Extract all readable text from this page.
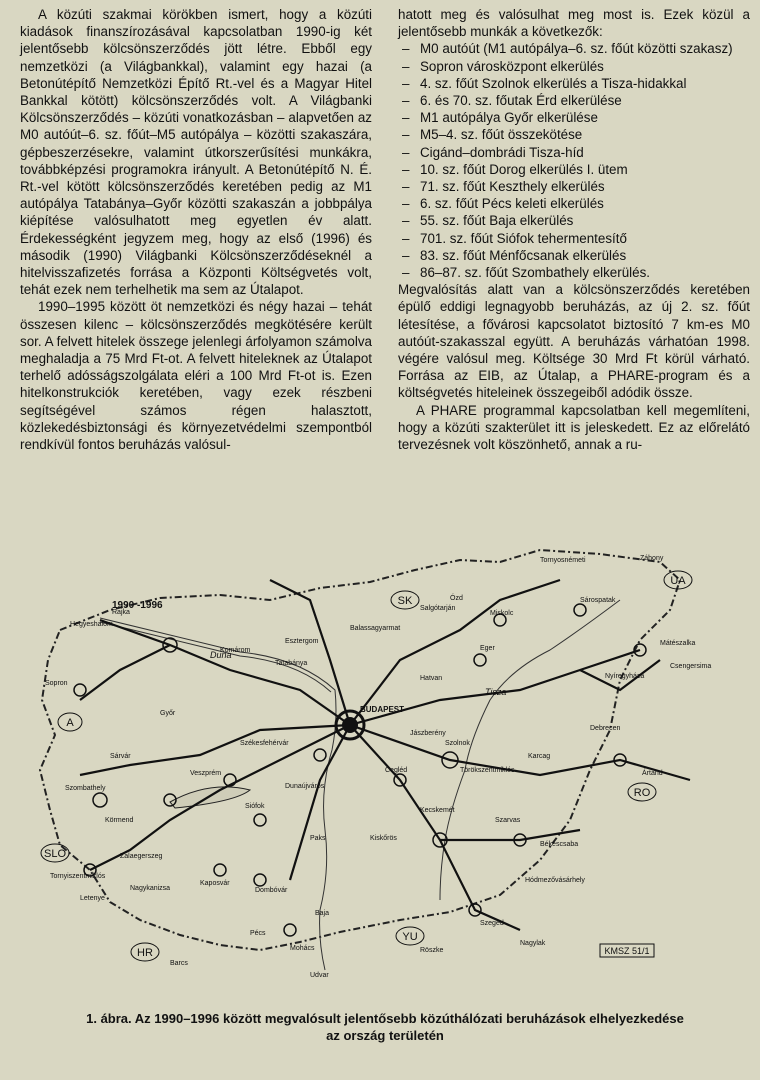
A közúti szakmai körökben ismert, hogy a közúti kiadások finanszírozásával kapcsolatban 1990-ig két jelentősebb kölcsönszerződés jött létre. Ebből egy nemzetközi (a Világbankkal), valamint egy hazai (a Betonútépítő Nemzetközi Építő Rt.-vel és a Magyar Hitel Bankkal kötött) kölcsönszerződés volt. A Világbanki Kölcsönszerződés – közúti vonatkozásban – alapvetően az M0 autóút–6. sz. főút–M5 autópálya – közötti szakaszára, gépbeszerzésekre, valamint útkorszerűsítési munkákra, továbbképzési programokra irányult. A Betonútépítő N. É. Rt.-vel kötött kölcsönszerződés keretében pedig az M1 autópálya Tatabánya–Győr közötti szakaszán a jobbpálya kiépítése valósulhatott meg egyetlen év alatt. Érdekességként jegyzem meg, hogy az első (1996) és második (1990) Világbanki Kölcsönszerződéseknél a hitelvisszafizetés forrása a Központi Költségvetés volt, tehát ezek nem terhelhetik ma sem az Útalapot.

1990–1995 között öt nemzetközi és négy hazai – tehát összesen kilenc – kölcsönszerződés megkötésére került sor. A felvett hitelek összege jelenlegi árfolyamon számolva meghaladja a 75 Mrd Ft-ot. A felvett hiteleknek az Útalapot terhelő adósságszolgálata eléri a 100 Mrd Ft-ot is. Ezen hitelkonstrukciók keretében, vagy ezek részbeni segítségével számos régen halasztott, közlekedésbiztonsági és környezetvédelmi szempontból rendkívül fontos beruházás valósul-

hatott meg és valósulhat meg most is. Ezek közül a jelentősebb munkák a következők:

– M0 autóút (M1 autópálya–6. sz. főút közötti szakasz)
– Sopron városközpont elkerülés
– 4. sz. főút Szolnok elkerülés a Tisza-hidakkal
– 6. és 70. sz. főutak Érd elkerülése
– M1 autópálya Győr elkerülése
– M5–4. sz. főút összekötése
– Cigánd–dombrádi Tisza-híd
– 10. sz. főút Dorog elkerülés I. ütem
– 71. sz. főút Keszthely elkerülés
– 6. sz. főút Pécs keleti elkerülés
– 55. sz. főút Baja elkerülés
– 701. sz. főút Siófok tehermentesítő
– 83. sz. főút Ménfőcsanak elkerülés
– 86–87. sz. főút Szombathely elkerülés.

Megvalósítás alatt van a kölcsönszerződés keretében épülő eddigi legnagyobb beruházás, az új 2. sz. főút létesítése, a fővárosi kapcsolatot biztosító 7 km-es M0 autóút-szakasszal együtt. A beruházás várhatóan 1998. végére valósul meg. Költsége 30 Mrd Ft körül várható. Forrása az EIB, az Útalap, a PHARE-program és a költségvetés hiteleinek összegeiből adódik össze.

A PHARE programmal kapcsolatban kell megemlíteni, hogy a közúti szakterület itt is jeleskedett. Ez az előrelátó tervezésnek volt köszönhető, annak a ru-

SK
UA
A
RO
SLO
HR
YU
1990 -1996
Duna
Tisza
KMSZ 51/1
BUDAPEST
Rajka
Hegyeshalom
Sopron
Győr
Komárom
Esztergom
Tatabánya
Sárvár
Szombathely
Körmend
Zalaegerszeg
Tornyiszentmiklós
Letenye
Nagykanizsa
Kaposvár
Barcs
Pécs
Dombóvár
Mohács
Baja
Udvar
Székesfehérvár
Veszprém
Siófok
Dunaújváros
Paks	Kiskőrös
Balassagyarmat
Salgótarján
Ózd
Miskolc
Eger
Hatvan
Jászberény
Szolnok
Törökszentmiklós
Cegléd
Kecskemét
Szarvas
Karcag
Debrecen
Nyíregyháza
Mátészalka
Csengersima
Sárospatak
Tornyosnémeti	Záhony
Békéscsaba
Hódmezővásárhely
Szeged
Röszke
Nagylak
Ártánd
1. ábra. Az 1990–1996 között megvalósult jelentősebb közúthálózati beruházások elhelyezkedése
az ország területén
